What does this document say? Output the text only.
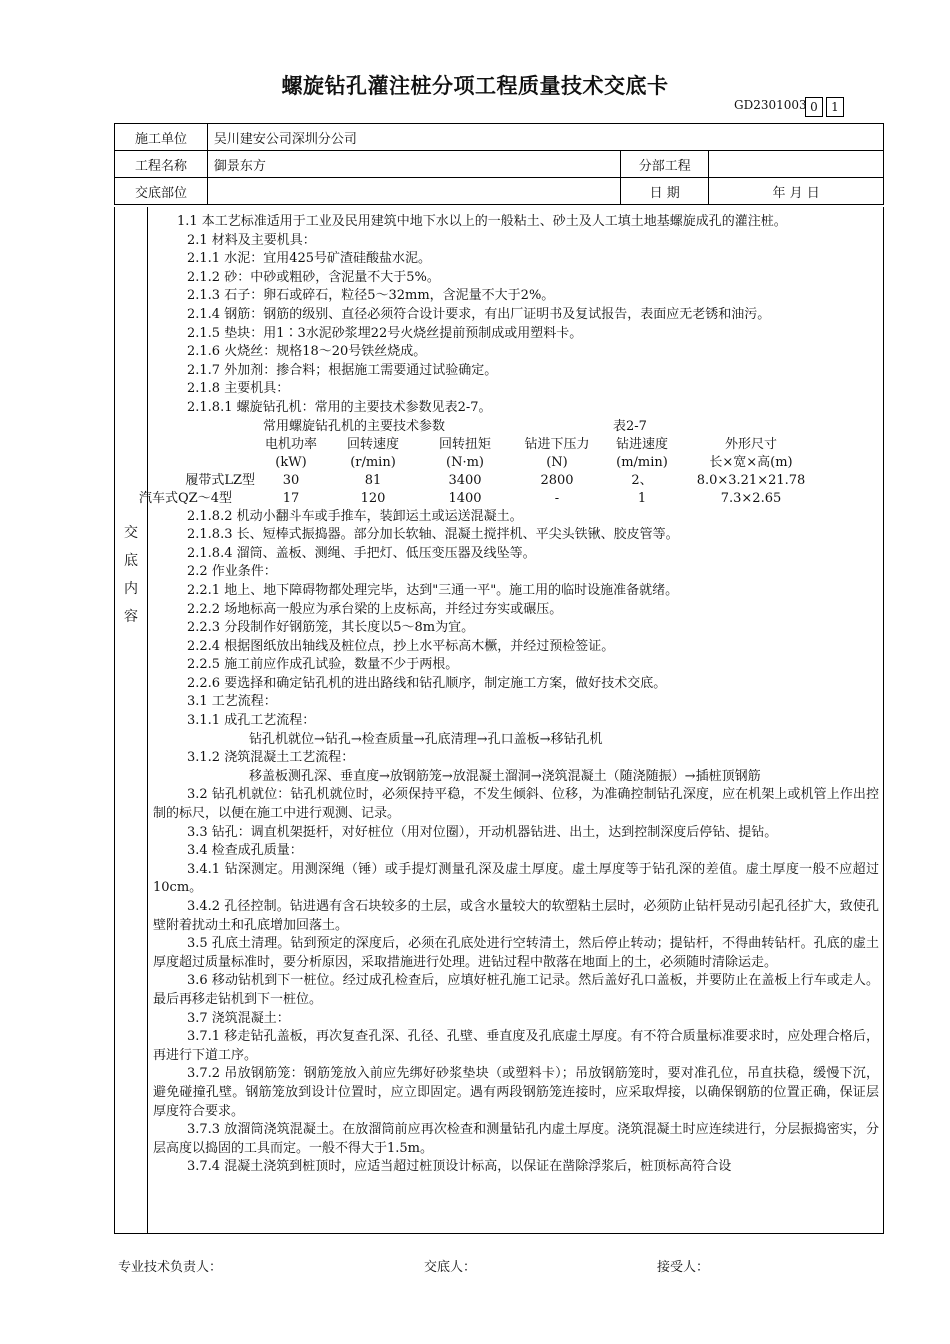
螺旋钻孔灌注桩分项工程质量技术交底卡
GD2301003 0	1
施工单位	吴川建安公司深圳分公司		
工程名称	御景东方	分部工程	
交底部位		日 期	年 月 日
交
底
内
容

1.1 本工艺标准适用于工业及民用建筑中地下水以上的一般粘土、砂土及人工填土地基螺旋成孔的灌注桩。

2.1 材料及主要机具：

2.1.1 水泥：宜用425号矿渣硅酸盐水泥。

2.1.2 砂：中砂或粗砂，含泥量不大于5%。

2.1.3 石子：卵石或碎石，粒径5～32mm，含泥量不大于2%。

2.1.4 钢筋：钢筋的级别、直径必须符合设计要求，有出厂证明书及复试报告，表面应无老锈和油污。

2.1.5 垫块：用1∶3水泥砂浆埋22号火烧丝提前预制成或用塑料卡。

2.1.6 火烧丝：规格18～20号铁丝烧成。

2.1.7 外加剂：掺合料；根据施工需要通过试验确定。

2.1.8 主要机具：

2.1.8.1 螺旋钻孔机：常用的主要技术参数见表2-7。

	常用螺旋钻孔机的主要技术参数	表2-7
	电机功率	回转速度	回转扭矩	钻进下压力	钻进速度	外形尺寸
	(kW)	(r/min)	(N·m)	(N)	(m/min)	长×宽×高(m)
履带式LZ型	30	81	3400	2800	2、	8.0×3.21×21.78
汽车式QZ～4型	17	120	1400	-	1	7.3×2.65

2.1.8.2 机动小翻斗车或手推车，装卸运土或运送混凝土。

2.1.8.3 长、短棒式振捣器。部分加长软轴、混凝土搅拌机、平尖头铁锹、胶皮管等。

2.1.8.4 溜筒、盖板、测绳、手把灯、低压变压器及线坠等。

2.2 作业条件：

2.2.1 地上、地下障碍物都处理完毕，达到"三通一平"。施工用的临时设施准备就绪。

2.2.2 场地标高一般应为承台梁的上皮标高，并经过夯实或碾压。

2.2.3 分段制作好钢筋笼，其长度以5～8m为宜。

2.2.4 根据图纸放出轴线及桩位点，抄上水平标高木橛，并经过预检签证。

2.2.5 施工前应作成孔试验，数量不少于两根。

2.2.6 要选择和确定钻孔机的进出路线和钻孔顺序，制定施工方案，做好技术交底。

3.1 工艺流程：

3.1.1 成孔工艺流程：

钻孔机就位→钻孔→检查质量→孔底清理→孔口盖板→移钻孔机

3.1.2 浇筑混凝土工艺流程：

移盖板测孔深、垂直度→放钢筋笼→放混凝土溜洞→浇筑混凝土（随浇随振）→插桩顶钢筋

3.2 钻孔机就位：钻孔机就位时，必须保持平稳，不发生倾斜、位移，为准确控制钻孔深度，应在机架上或机管上作出控制的标尺，以便在施工中进行观测、记录。

3.3 钻孔：调直机架挺杆，对好桩位（用对位圈），开动机器钻进、出土，达到控制深度后停钻、提钻。

3.4 检查成孔质量：

3.4.1 钻深测定。用测深绳（锤）或手提灯测量孔深及虚土厚度。虚土厚度等于钻孔深的差值。虚土厚度一般不应超过10cm。

3.4.2 孔径控制。钻进遇有含石块较多的土层，或含水量较大的软塑粘土层时，必须防止钻杆晃动引起孔径扩大，致使孔壁附着扰动土和孔底增加回落土。

3.5 孔底土清理。钻到预定的深度后，必须在孔底处进行空转清土，然后停止转动；提钻杆，不得曲转钻杆。孔底的虚土厚度超过质量标准时，要分析原因，采取措施进行处理。进钻过程中散落在地面上的土，必须随时清除运走。

3.6 移动钻机到下一桩位。经过成孔检查后，应填好桩孔施工记录。然后盖好孔口盖板，并要防止在盖板上行车或走人。最后再移走钻机到下一桩位。

3.7 浇筑混凝土：

3.7.1 移走钻孔盖板，再次复查孔深、孔径、孔壁、垂直度及孔底虚土厚度。有不符合质量标准要求时，应处理合格后，再进行下道工序。

3.7.2 吊放钢筋笼：钢筋笼放入前应先绑好砂浆垫块（或塑料卡）；吊放钢筋笼时，要对准孔位，吊直扶稳，缓慢下沉，避免碰撞孔壁。钢筋笼放到设计位置时，应立即固定。遇有两段钢筋笼连接时，应采取焊接，以确保钢筋的位置正确，保证层厚度符合要求。

3.7.3 放溜筒浇筑混凝土。在放溜筒前应再次检查和测量钻孔内虚土厚度。浇筑混凝土时应连续进行，分层振捣密实，分层高度以捣固的工具而定。一般不得大于1.5m。

3.7.4 混凝土浇筑到桩顶时，应适当超过桩顶设计标高，以保证在凿除浮浆后，桩顶标高符合设

专业技术负责人：	交底人：	接受人：
